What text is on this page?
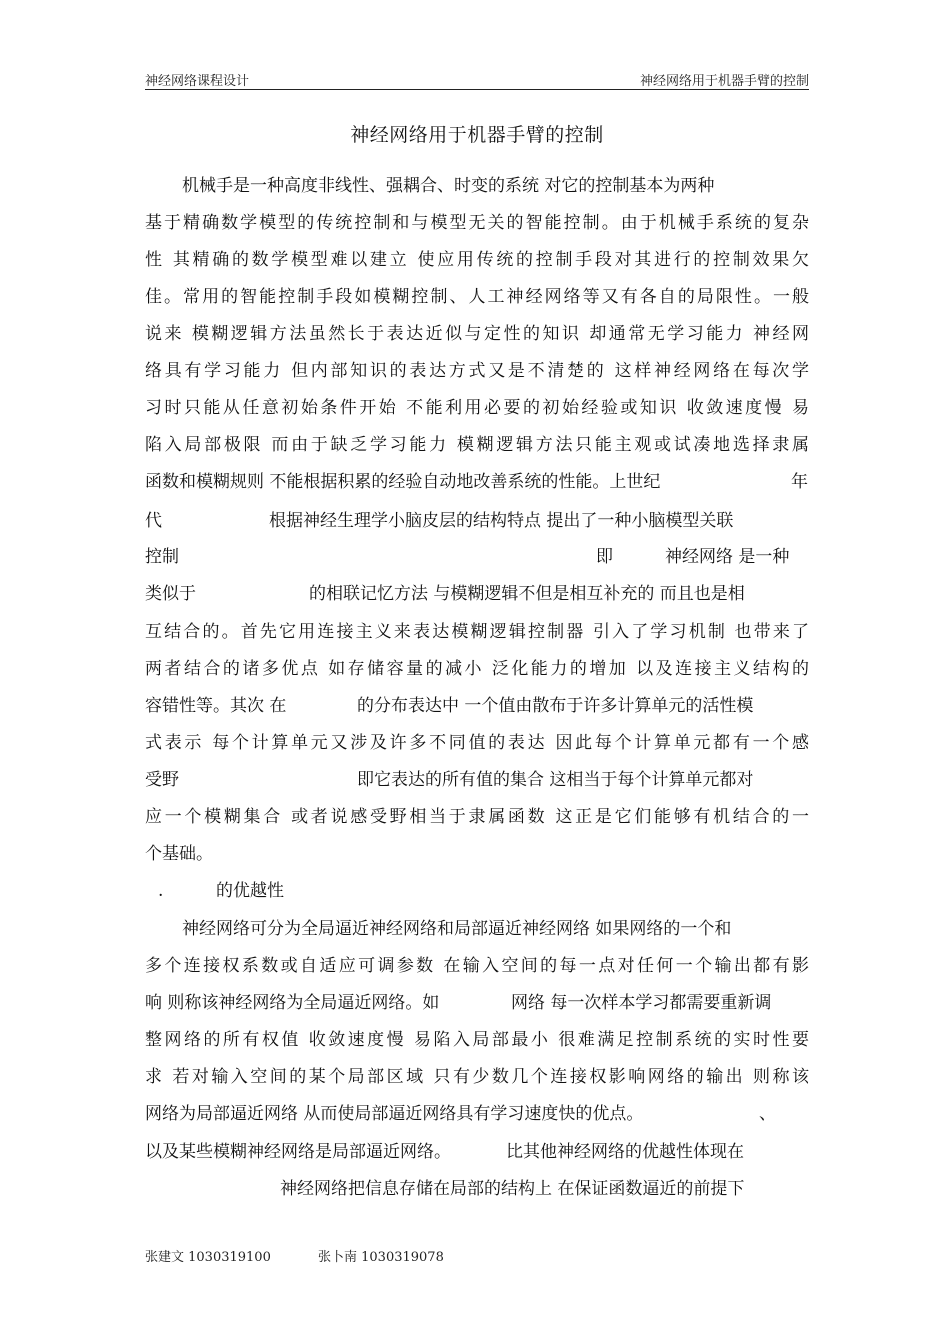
神经网络课程设计	神经网络用于机器手臂的控制
神经网络用于机器手臂的控制
机械手是一种高度非线性、强耦合、时变的系统 对它的控制基本为两种
基于精确数学模型的传统控制和与模型无关的智能控制。由于机械手系统的复杂
性 其精确的数学模型难以建立 使应用传统的控制手段对其进行的控制效果欠
佳。常用的智能控制手段如模糊控制、人工神经网络等又有各自的局限性。一般
说来 模糊逻辑方法虽然长于表达近似与定性的知识 却通常无学习能力 神经网
络具有学习能力 但内部知识的表达方式又是不清楚的 这样神经网络在每次学
习时只能从任意初始条件开始 不能利用必要的初始经验或知识 收敛速度慢 易
陷入局部极限 而由于缺乏学习能力 模糊逻辑方法只能主观或试凑地选择隶属
函数和模糊规则 不能根据积累的经验自动地改善系统的性能。上世纪	年
代	根据神经生理学小脑皮层的结构特点 提出了一种小脑模型关联
控制	即	神经网络 是一种
类似于	的相联记忆方法 与模糊逻辑不但是相互补充的 而且也是相
互结合的。首先它用连接主义来表达模糊逻辑控制器 引入了学习机制 也带来了
两者结合的诸多优点 如存储容量的减小 泛化能力的增加 以及连接主义结构的
容错性等。其次 在	的分布表达中 一个值由散布于许多计算单元的活性模
式表示 每个计算单元又涉及许多不同值的表达 因此每个计算单元都有一个感
受野	即它表达的所有值的集合 这相当于每个计算单元都对
应一个模糊集合 或者说感受野相当于隶属函数 这正是它们能够有机结合的一
个基础。
.	的优越性
神经网络可分为全局逼近神经网络和局部逼近神经网络 如果网络的一个和
多个连接权系数或自适应可调参数 在输入空间的每一点对任何一个输出都有影
响 则称该神经网络为全局逼近网络。如	网络 每一次样本学习都需要重新调
整网络的所有权值 收敛速度慢 易陷入局部最小 很难满足控制系统的实时性要
求 若对输入空间的某个局部区域 只有少数几个连接权影响网络的输出 则称该
网络为局部逼近网络 从而使局部逼近网络具有学习速度快的优点。	、
以及某些模糊神经网络是局部逼近网络。	比其他神经网络的优越性体现在
神经网络把信息存储在局部的结构上 在保证函数逼近的前提下
张建文 1030319100	张卜南 1030319078
